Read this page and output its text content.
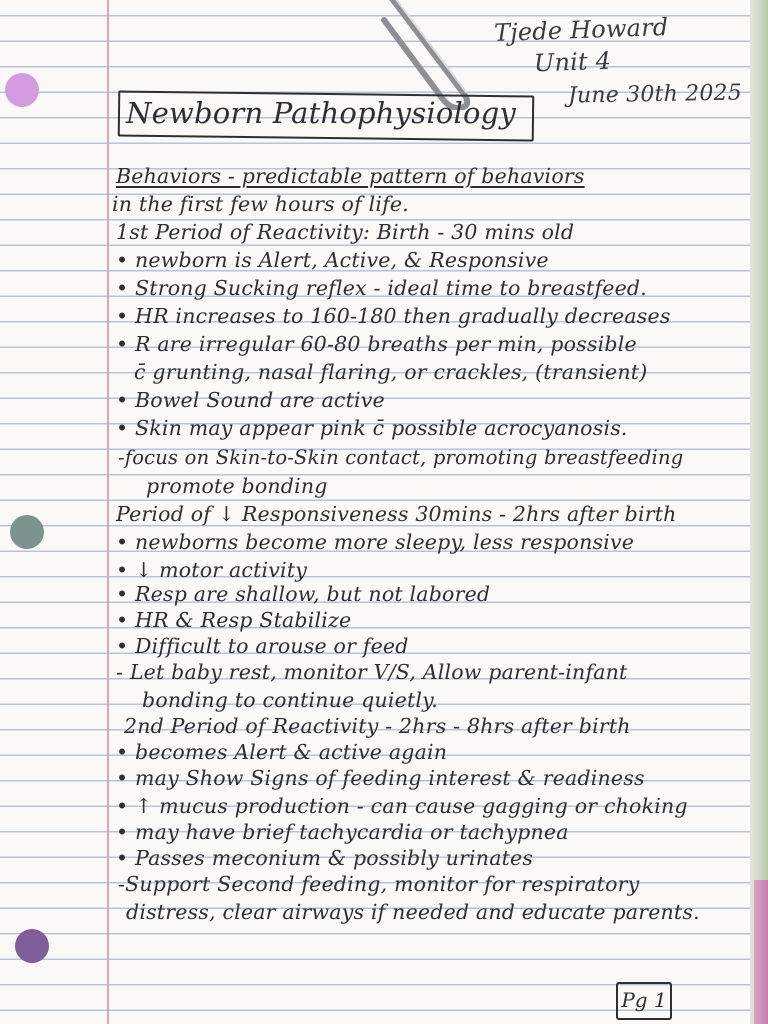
Tjede Howard
Unit 4
June 30th 2025
Newborn Pathophysiology
Behaviors - predictable pattern of behaviors
in the first few hours of life.
1st Period of Reactivity: Birth - 30 mins old
• newborn is Alert, Active, & Responsive
• Strong Sucking reflex - ideal time to breastfeed.
• HR increases to 160-180 then gradually decreases
• R are irregular 60-80 breaths per min, possible
c̄ grunting, nasal flaring, or crackles, (transient)
• Bowel Sound are active
• Skin may appear pink c̄ possible acrocyanosis.
-focus on Skin-to-Skin contact, promoting breastfeeding
promote bonding
Period of ↓ Responsiveness 30mins - 2hrs after birth
• newborns become more sleepy, less responsive
• ↓ motor activity
• Resp are shallow, but not labored
• HR & Resp Stabilize
• Difficult to arouse or feed
- Let baby rest, monitor V/S, Allow parent-infant
bonding to continue quietly.
2nd Period of Reactivity - 2hrs - 8hrs after birth
• becomes Alert & active again
• may Show Signs of feeding interest & readiness
• ↑ mucus production - can cause gagging or choking
• may have brief tachycardia or tachypnea
• Passes meconium & possibly urinates
-Support Second feeding, monitor for respiratory
distress, clear airways if needed and educate parents.
Pg 1
